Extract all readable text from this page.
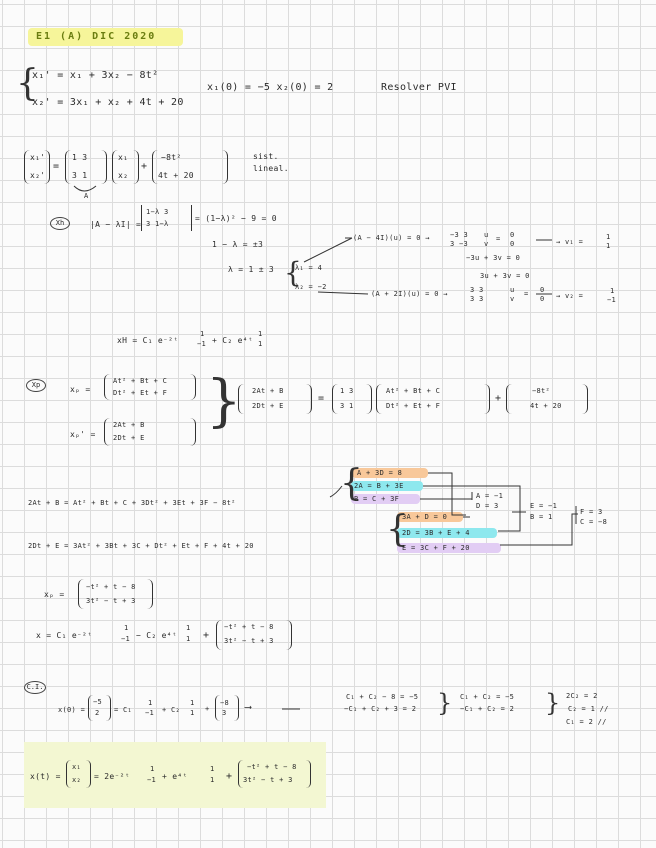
E1 (A) DIC 2020
{
x₁' = x₁ + 3x₂ − 8t²
x₂' = 3x₁ + x₂ + 4t + 20
x₁(0) = −5 x₂(0) = 2	Resolver PVI
x₁'
x₂'
=
1 3
3 1
A
x₁
x₂
+
−8t²
4t + 20
sist.
lineal.
Xh	|A − λI| =
1−λ 3
3 1−λ
= (1−λ)² − 9 = 0
1 − λ = ±3
λ = 1 ± 3 {
λ₁ = 4
λ₂ = −2
(A − 4I)(u) = 0 →	−3 3
3 −3
u
v
= 0
0
−3u + 3v = 0
→ v₁ =
1
1
3u + 3v = 0
(A + 2I)(u) = 0 →	3 3
3 3
u
v
= 0
0 → v₂ =
1
−1
xH = C₁ e⁻²ᵗ
1
−1 + C₂ e⁴ᵗ
1
1
Xp	xₚ =
At² + Bt + C
Dt² + Et + F
xₚ' =
2At + B
2Dt + E
{ 2At + B
2Dt + E
=
1 3
3 1
At² + Bt + C
Dt² + Et + F
+
−8t²
4t + 20
2At + B = At² + Bt + C + 3Dt² + 3Et + 3F − 8t²
2Dt + E = 3At² + 3Bt + 3C + Dt² + Et + F + 4t + 20
{
{
A + 3D = 8
2A = B + 3E
B = C + 3F
3A + D = 0
2D = 3B + E + 4
E = 3C + F + 20
A = −1
D = 3	E = −1
B = 1
F = 3
C = −8
xₚ =
−t² + t − 8
3t² − t + 3
x = C₁ e⁻²ᵗ
1
−1 − C₂ e⁴ᵗ
1
1 +
−t² + t − 8
3t² − t + 3
C.I.
x(0) =
−5
2 = C₁
1
−1 + C₂
1
1 +
−8
3 ⟶
C₁ + C₂ − 8 = −5
−C₁ + C₂ + 3 = 2 { C₁ + C₂ = −5
−C₁ + C₂ = 2 { 2C₂ = 2
C₂ = 1 //
C₁ = 2 //
x(t) =
x₁
x₂ = 2e⁻²ᵗ
1
−1 + e⁴ᵗ
1
1 +
−t² + t − 8
3t² − t + 3
